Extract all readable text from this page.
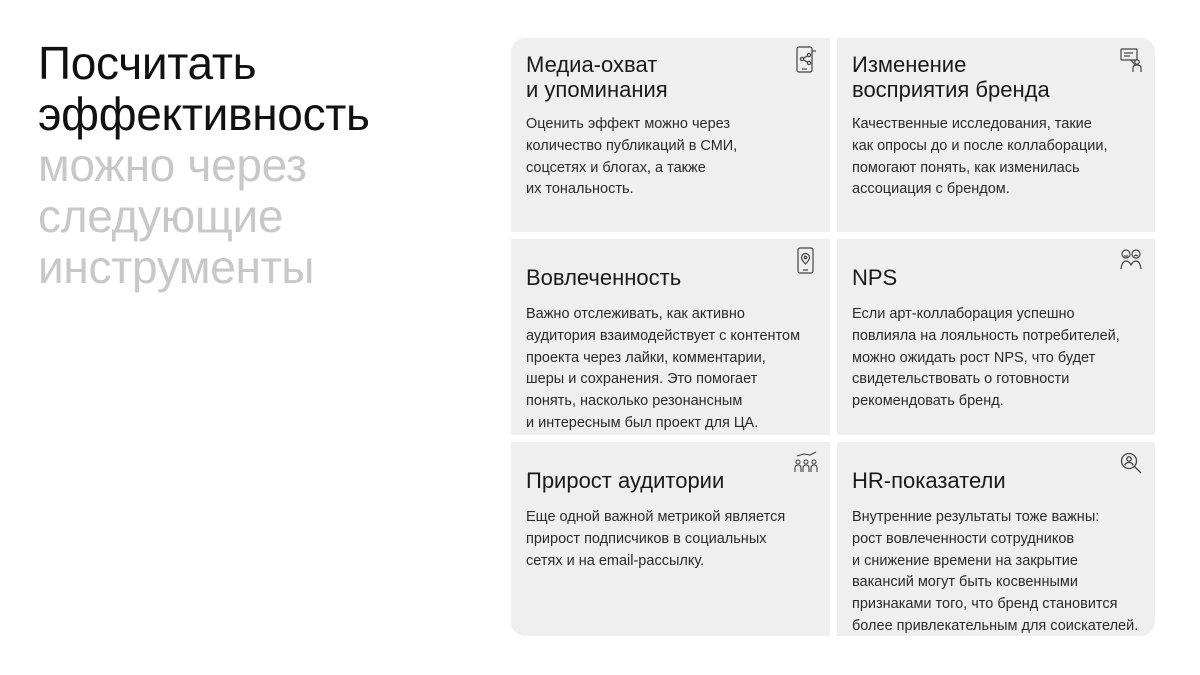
Посчитать
эффективность
можно через
следующие
инструменты
Медиа-охват
и упоминания
Оценить эффект можно через
количество публикаций в СМИ,
соцсетях и блогах, а также
их тональность.
Изменение
восприятия бренда
Качественные исследования, такие
как опросы до и после коллаборации,
помогают понять, как изменилась
ассоциация с брендом.
Вовлеченность
Важно отслеживать, как активно
аудитория взаимодействует с контентом
проекта через лайки, комментарии,
шеры и сохранения. Это помогает
понять, насколько резонансным
и интересным был проект для ЦА.
NPS
Если арт-коллаборация успешно
повлияла на лояльность потребителей,
можно ожидать рост NPS, что будет
свидетельствовать о готовности
рекомендовать бренд.
Прирост аудитории
Еще одной важной метрикой является
прирост подписчиков в социальных
сетях и на email-рассылку.
HR-показатели
Внутренние результаты тоже важны:
рост вовлеченности сотрудников
и снижение времени на закрытие
вакансий могут быть косвенными
признаками того, что бренд становится
более привлекательным для соискателей.
